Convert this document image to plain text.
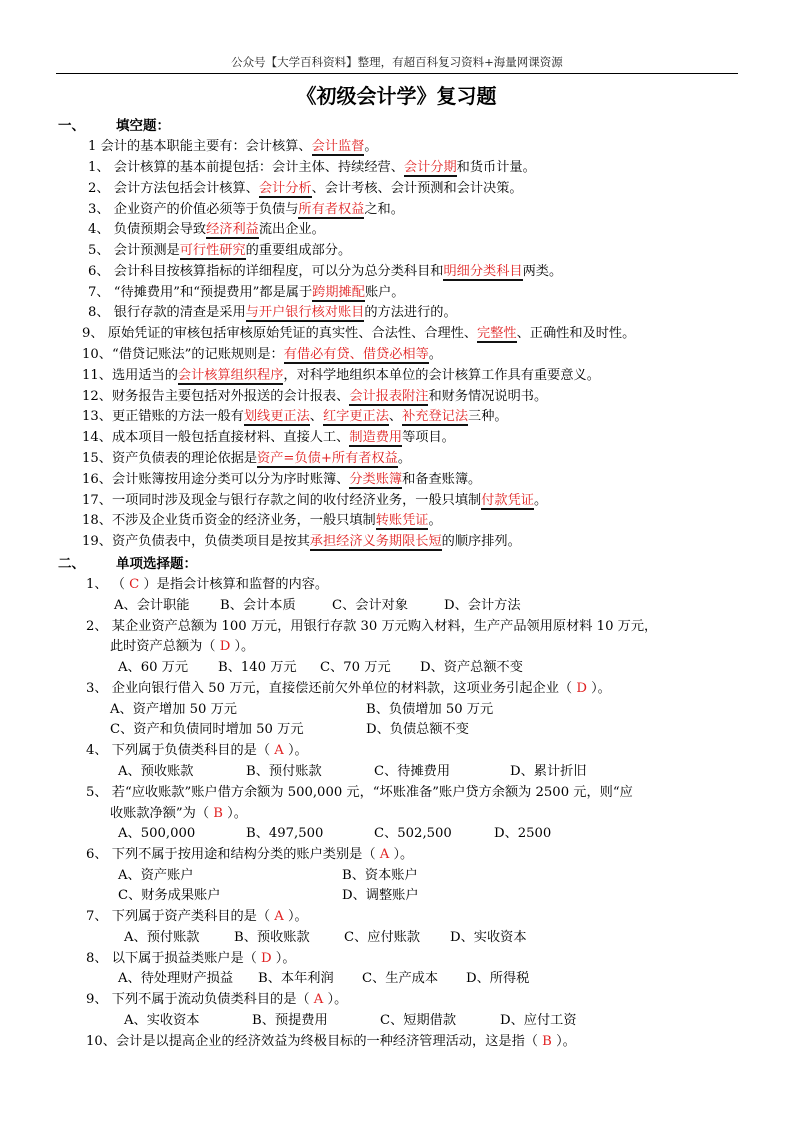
公众号【大学百科资料】整理，有超百科复习资料+海量网课资源
《初级会计学》复习题
一、 填空题：
1 会计的基本职能主要有：会计核算、会计监督。
1、 会计核算的基本前提包括：会计主体、持续经营、会计分期和货币计量。
2、 会计方法包括会计核算、会计分析、会计考核、会计预测和会计决策。
3、 企业资产的价值必须等于负债与所有者权益之和。
4、 负债预期会导致经济利益流出企业。
5、 会计预测是可行性研究的重要组成部分。
6、 会计科目按核算指标的详细程度，可以分为总分类科目和明细分类科目两类。
7、 “待摊费用”和“预提费用”都是属于跨期摊配账户。
8、 银行存款的清查是采用与开户银行核对账目的方法进行的。
9、 原始凭证的审核包括审核原始凭证的真实性、合法性、合理性、完整性、正确性和及时性。
10、“借贷记账法”的记账规则是：有借必有贷、借贷必相等。
11、选用适当的会计核算组织程序，对科学地组织本单位的会计核算工作具有重要意义。
12、财务报告主要包括对外报送的会计报表、会计报表附注和财务情况说明书。
13、更正错账的方法一般有划线更正法、红字更正法、补充登记法三种。
14、成本项目一般包括直接材料、直接人工、制造费用等项目。
15、资产负债表的理论依据是资产=负债+所有者权益。
16、会计账簿按用途分类可以分为序时账簿、分类账簿和备查账簿。
17、一项同时涉及现金与银行存款之间的收付经济业务，一般只填制付款凭证。
18、不涉及企业货币资金的经济业务，一般只填制转账凭证。
19、资产负债表中，负债类项目是按其承担经济义务期限长短的顺序排列。
二、 单项选择题：
1、 （ C ）是指会计核算和监督的内容。
A、会计职能 B、会计本质	C、会计对象	D、会计方法
2、 某企业资产总额为 100 万元，用银行存款 30 万元购入材料，生产产品领用原材料 10 万元，
此时资产总额为（ D ）。
A、60 万元 B、140 万元 C、70 万元 D、资产总额不变
3、 企业向银行借入 50 万元，直接偿还前欠外单位的材料款，这项业务引起企业（ D ）。
A、资产增加 50 万元	B、负债增加 50 万元
C、资产和负债同时增加 50 万元	D、负债总额不变
4、 下列属于负债类科目的是（ A ）。
A、预收账款	B、预付账款	C、待摊费用	D、累计折旧
5、 若“应收账款”账户借方余额为 500,000 元，“坏账准备”账户贷方余额为 2500 元，则“应
收账款净额”为（ B ）。
A、500,000	B、497,500	C、502,500	D、2500
6、 下列不属于按用途和结构分类的账户类别是（ A ）。
A、资产账户	B、资本账户
C、财务成果账户	D、调整账户
7、 下列属于资产类科目的是（ A ）。
A、预付账款	B、预收账款	C、应付账款 D、实收资本
8、 以下属于损益类账户是（ D ）。
A、待处理财产损益 B、本年利润 C、生产成本 D、所得税
9、 下列不属于流动负债类科目的是（ A ）。
A、实收资本	B、预提费用	C、短期借款	D、应付工资
10、会计是以提高企业的经济效益为终极目标的一种经济管理活动，这是指（ B ）。
